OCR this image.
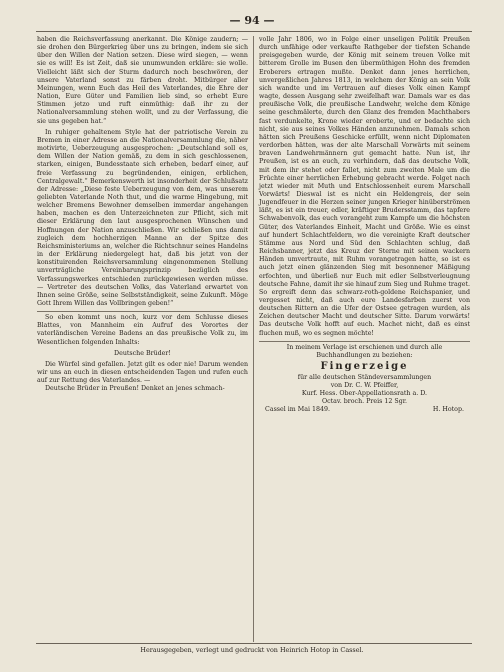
— 94 —

haben die Reichsverfassung anerkannt. Die Könige zaudern; — sie drohen den Bürgerkrieg über uns zu bringen, indem sie sich über den Willen der Nation setzen. Diese wird siegen, — wenn sie es will! Es ist Zeit, daß sie unumwunden erkläre: sie wolle. Vielleicht läßt sich der Sturm dadurch noch beschwören, der unsere Vaterland sonst zu färben droht. Mitbürger aller Meinungen, wenn Euch das Heil des Vaterlandes, die Ehre der Nation, Eure Güter und Familien lieb sind, so erhebt Eure Stimmen jetzo und ruft einmüthig: daß ihr zu der Nationalversammlung stehen wollt, und zu der Verfassung, die sie uns gegeben hat.“

In ruhiger gehaltenem Style hat der patriotische Verein zu Bremen in einer Adresse an die Nationalversammlung die, näher motivirte, Ueberzeugung ausgesprochen: „Deutschland soll es, dem Willen der Nation gemäß, zu dem in sich geschlossenen, starken, einigen, Bundesstaate sich erheben, bedarf einer, auf freie Verfassung zu begründenden, einigen, erblichen, Centralgewalt.“ Bemerkenswerth ist insonderheit der Schlußsatz der Adresse: „Diese feste Ueberzeugung von dem, was unserem geliebten Vaterlande Noth thut, und die warme Hingebung, mit welcher Bremens Bewohner demselben immerdar angehangen haben, machen es den Unterzeichneten zur Pflicht, sich mit dieser Erklärung den laut ausgesprochenen Wünschen und Hoffnungen der Nation anzuschließen. Wir schließen uns damit zugleich dem hochherzigen Manne an der Spitze des Reichsministeriums an, welcher die Richtschnur seines Handelns in der Erklärung niedergelegt hat, daß bis jetzt von der konstituirenden Reichsversammlung eingenommenen Stellung unverträgliche Vereinbarungsprinzip bezüglich des Verfassungswerkes entschieden zurückgewiesen werden müsse. — Vertreter des deutschen Volks, das Vaterland erwartet von Ihnen seine Größe, seine Selbstständigkeit, seine Zukunft. Möge Gott Ihrem Willen das Vollbringen geben!“

So eben kommt uns noch, kurz vor dem Schlusse dieses Blattes, von Mannheim ein Aufruf des Vorortes der vaterländischen Vereine Badens an das preußische Volk zu, im Wesentlichen folgenden Inhalts:

Deutsche Brüder!

Die Würfel sind gefallen. Jetzt gilt es oder nie! Darum wenden wir uns an euch in diesen entscheidenden Tagen und rufen euch auf zur Rettung des Vaterlandes. —

Deutsche Brüder in Preußen! Denket an jenes schmach-

volle Jahr 1806, wo in Folge einer unseligen Politik Preußen durch unfähige oder verkaufte Rathgeber der tiefsten Schande preisgegeben wurde, der König mit seinem treuen Volke mit bitterem Grolle im Busen den übermüthigen Hohn des fremden Eroberers ertragen mußte. Denket dann jenes herrlichen, unvergeßlichen Jahres 1813, in welchem der König an sein Volk sich wandte und im Vertrauen auf dieses Volk einen Kampf wagte, dessen Ausgang sehr zweifelhaft war. Damals war es das preußische Volk, die preußische Landwehr, welche dem Könige seine geschmälerte, durch den Glanz des fremden Machthabers fast verdunkelte, Krone wieder eroberte, und er bedachte sich nicht, sie aus seines Volkes Händen anzunehmen. Damals schon hätten sich Preußens Geschicke erfüllt, wenn nicht Diplomaten verdorben hätten, was der alte Marschall Vorwärts mit seinem braven Landwehrmännern gut gemacht hatte. Nun ist, ihr Preußen, ist es an euch, zu verhindern, daß das deutsche Volk, mit dem ihr stehet oder fallet, nicht zum zweiten Male um die Früchte einer herrlichen Erhebung gebracht werde. Folget nach jetzt wieder mit Muth und Entschlossenheit eurem Marschall Vorwärts! Dieswal ist es nicht ein Heldengreis, der sein Jugendfeuer in die Herzen seiner jungen Krieger hinüberströmen läßt, es ist ein treuer, edler, kräftiger Brudersstamm, das tapfere Schwabenvolk, das euch vorangeht zum Kampfe um die höchsten Güter, des Vaterlandes Einheit, Macht und Größe. Wie es einst auf hundert Schlachtfeldern, wo die vereinigte Kraft deutscher Stämme aus Nord und Süd den Schlachten schlug, daß Reichsbanner, jetzt das Kreuz der Sterne mit seinen wackern Händen umvertraute, mit Ruhm vorangetragen hatte, so ist es auch jetzt einen glänzenden Sieg mit besonnener Mäßigung erfochten, und überließ nur Euch mit edler Selbstverleugnung deutsche Fahne, damit ihr sie hinauf zum Sieg und Ruhme traget. So ergreift denn das schwarz-roth-goldene Reichspanier, und vergesset nicht, daß auch eure Landesfarben zuerst von deutschen Rittern an die Ufer der Ostsee getragen wurden, als Zeichen deutscher Macht und deutscher Sitte. Darum vorwärts! Das deutsche Volk hofft auf euch. Machet nicht, daß es einst fluchen muß, wo es segnen möchte!

In meinem Verlage ist erschienen und durch alle Buchhandlungen zu beziehen:
Fingerzeige
für alle deutschen Ständeversammlungen
von Dr. C. W. Pfeiffer,
Kurf. Hess. Ober-Appellationsrath a. D.
Octav. broch. Preis 12 Sgr.
Cassel im Mai 1849.	H. Hotop.
Herausgegeben, verlegt und gedruckt von Heinrich Hotop in Cassel.
